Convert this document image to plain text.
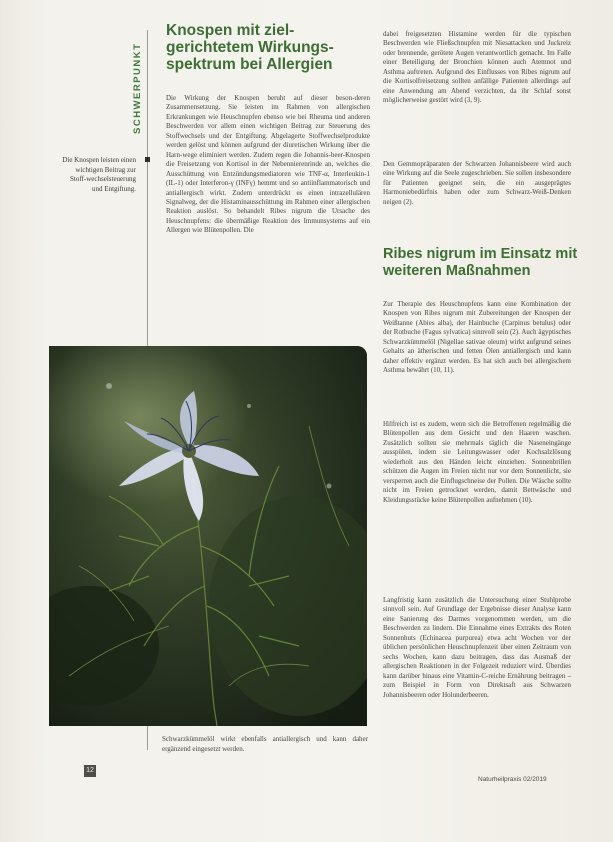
SCHWERPUNKT
Die Knospen leisten einen wichtigen Beitrag zur Stoff-wechselsteuerung und Entgiftung.
Knospen mit ziel-gerichtetem Wirkungs-spektrum bei Allergien
Die Wirkung der Knospen beruht auf dieser beson-deren Zusammensetzung. Sie leisten im Rahmen von allergischen Erkrankungen wie Heuschnupfen ebenso wie bei Rheuma und anderen Beschwerden vor allem einen wichtigen Beitrag zur Steuerung des Stoffwechsels und der Entgiftung. Abgelagerte Stoffwechselprodukte werden gelöst und können aufgrund der diuretischen Wirkung über die Harn-wege eliminiert werden. Zudem regen die Johannis-beer-Knospen die Freisetzung von Kortisol in der Nebennierenrinde an, welches die Ausschüttung von Entzündungsmediatoren wie TNF-α, Interleukin-1 (IL-1) oder Interferon-γ (INFγ) hemmt und so antiinflammatorisch und antiallergisch wirkt. Zudem unterdrückt es einen intrazellulären Signalweg, der die Histaminausschüttung im Rahmen einer allergischen Reaktion auslöst. So behandelt Ribes nigrum die Ursache des Heuschnupfens: die übermäßige Reaktion des Immunsystems auf ein Allergen wie Blütenpollen. Die
dabei freigesetzten Histamine werden für die typischen Beschwerden wie Fließschnupfen mit Niesattacken und Juckreiz oder brennende, gerötete Augen verantwortlich gemacht. Im Falle einer Beteiligung der Bronchien können auch Atemnot und Asthma auftreten. Aufgrund des Einflusses von Ribes nigrum auf die Kortisolfreisetzung sollten anfällige Patienten allerdings auf eine Anwendung am Abend verzichten, da ihr Schlaf sonst möglicherweise gestört wird (3, 9).
Den Gemmopräparaten der Schwarzen Johannisbeere wird auch eine Wirkung auf die Seele zugeschrieben. Sie sollen insbesondere für Patienten geeignet sein, die ein ausgeprägtes Harmoniebedürfnis haben oder zum Schwarz-Weiß-Denken neigen (2).
Ribes nigrum im Einsatz mit weiteren Maßnahmen
Zur Therapie des Heuschnupfens kann eine Kombination der Knospen von Ribes nigrum mit Zubereitungen der Knospen der Weißtanne (Abies alba), der Hainbuche (Carpinus betulus) oder der Rotbuche (Fagus sylvatica) sinnvoll sein (2). Auch ägyptisches Schwarzkümmelöl (Nigellae sativae oleum) wirkt aufgrund seines Gehalts an ätherischen und fetten Ölen antiallergisch und kann daher effektiv ergänzt werden. Es hat sich auch bei allergischem Asthma bewährt (10, 11).
Hilfreich ist es zudem, wenn sich die Betroffenen regelmäßig die Blütenpollen aus dem Gesicht und den Haaren waschen. Zusätzlich sollten sie mehrmals täglich die Naseneingänge ausspülen, indem sie Leitungswasser oder Kochsalzlösung wiederholt aus den Händen leicht einziehen. Sonnenbrillen schützen die Augen im Freien nicht nur vor dem Sonnenlicht, sie versperren auch die Einflugschneise der Pollen. Die Wäsche sollte nicht im Freien getrocknet werden, damit Bettwäsche und Kleidungsstücke keine Blütenpollen aufnehmen (10).
Langfristig kann zusätzlich die Untersuchung einer Stuhlprobe sinnvoll sein. Auf Grundlage der Ergebnisse dieser Analyse kann eine Sanierung des Darmes vorgenommen werden, um die Beschwerden zu lindern. Die Einnahme eines Extrakts des Roten Sonnenhuts (Echinacea purpurea) etwa acht Wochen vor der üblichen persönlichen Heuschnupfenzeit über einen Zeitraum von sechs Wochen, kann dazu beitragen, dass das Ausmaß der allergischen Reaktionen in der Folgezeit reduziert wird. Überdies kann darüber hinaus eine Vitamin-C-reiche Ernährung beitragen – zum Beispiel in Form von Direktsaft aus Schwarzen Johannisbeeren oder Holunderbeeren.
Schwarzkümmelöl wirkt ebenfalls antiallergisch und kann daher ergänzend eingesetzt werden.
12
Naturheilpraxis 02/2019
